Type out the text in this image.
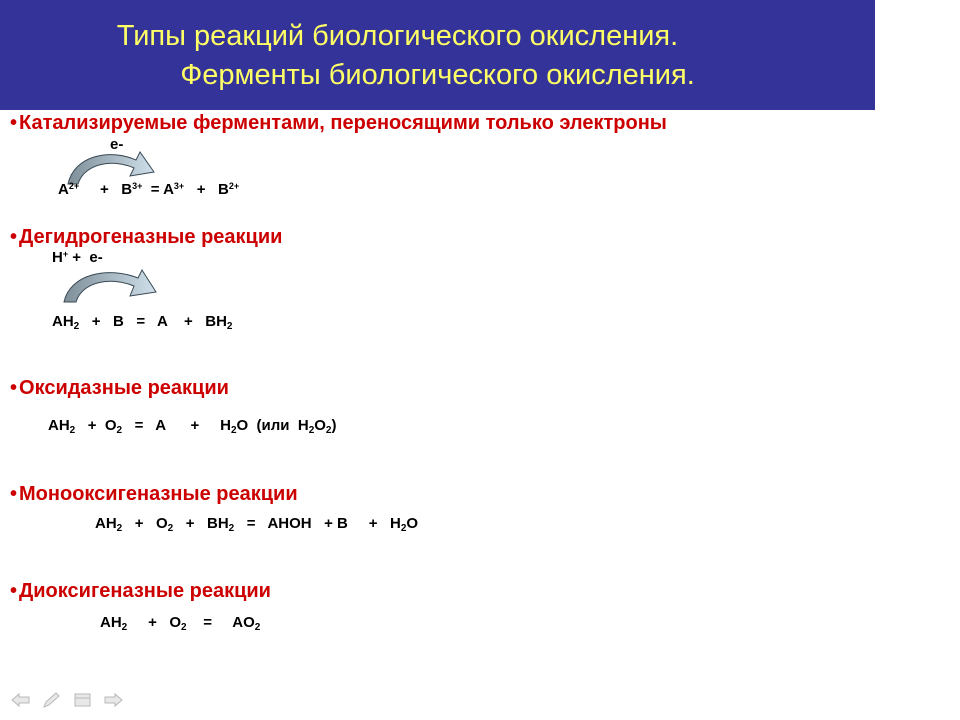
Типы реакций биологического окисления.
Ферменты биологического окисления.
• Катализируемые ферментами, переносящими только электроны
е-
$A^{2+} + B^{3+} = A^{3+} + B^{2+}$
• Дегидрогеназные реакции
H+ +  e-
$AH_2 + B = A$    +   $BH_2$
• Оксидазные реакции
$AH_2 + O_2 = A$      +     $H_2O$  (или  $H_2O_2$)
• Монооксигеназные реакции
$AH_2 + O_2 + BH_2$   =   AHOH   + B     +   $H_2O$
• Диоксигеназные реакции
$AH_2$     +   $O_2$    =     $AO_2$
